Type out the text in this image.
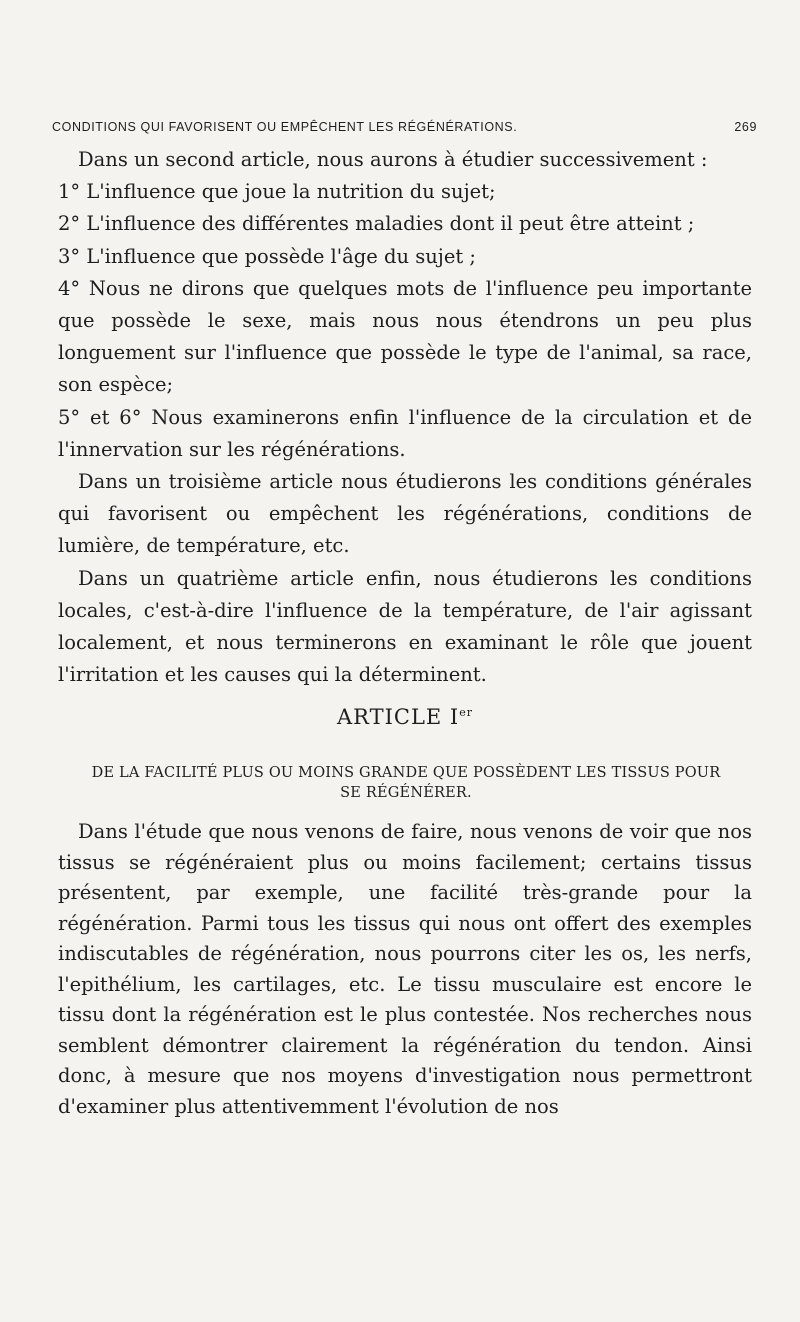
CONDITIONS QUI FAVORISENT OU EMPÊCHENT LES RÉGÉNÉRATIONS.	269

Dans un second article, nous aurons à étudier successivement :

1° L'influence que joue la nutrition du sujet;

2° L'influence des différentes maladies dont il peut être atteint ;

3° L'influence que possède l'âge du sujet ;

4° Nous ne dirons que quelques mots de l'influence peu importante que possède le sexe, mais nous nous étendrons un peu plus longuement sur l'influence que possède le type de l'animal, sa race, son espèce;

5° et 6° Nous examinerons enfin l'influence de la circulation et de l'innervation sur les régénérations.

Dans un troisième article nous étudierons les conditions générales qui favorisent ou empêchent les régénérations, conditions de lumière, de température, etc.

Dans un quatrième article enfin, nous étudierons les conditions locales, c'est-à-dire l'influence de la température, de l'air agissant localement, et nous terminerons en examinant le rôle que jouent l'irritation et les causes qui la déterminent.

ARTICLE Ier
DE LA FACILITÉ PLUS OU MOINS GRANDE QUE POSSÈDENT LES TISSUS POUR SE RÉGÉNÉRER.

Dans l'étude que nous venons de faire, nous venons de voir que nos tissus se régénéraient plus ou moins facilement; certains tissus présentent, par exemple, une facilité très-grande pour la régénération. Parmi tous les tissus qui nous ont offert des exemples indiscutables de régénération, nous pourrons citer les os, les nerfs, l'epithélium, les cartilages, etc. Le tissu musculaire est encore le tissu dont la régénération est le plus contestée. Nos recherches nous semblent démontrer clairement la régénération du tendon. Ainsi donc, à mesure que nos moyens d'investigation nous permettront d'examiner plus attentivemment l'évolution de nos
